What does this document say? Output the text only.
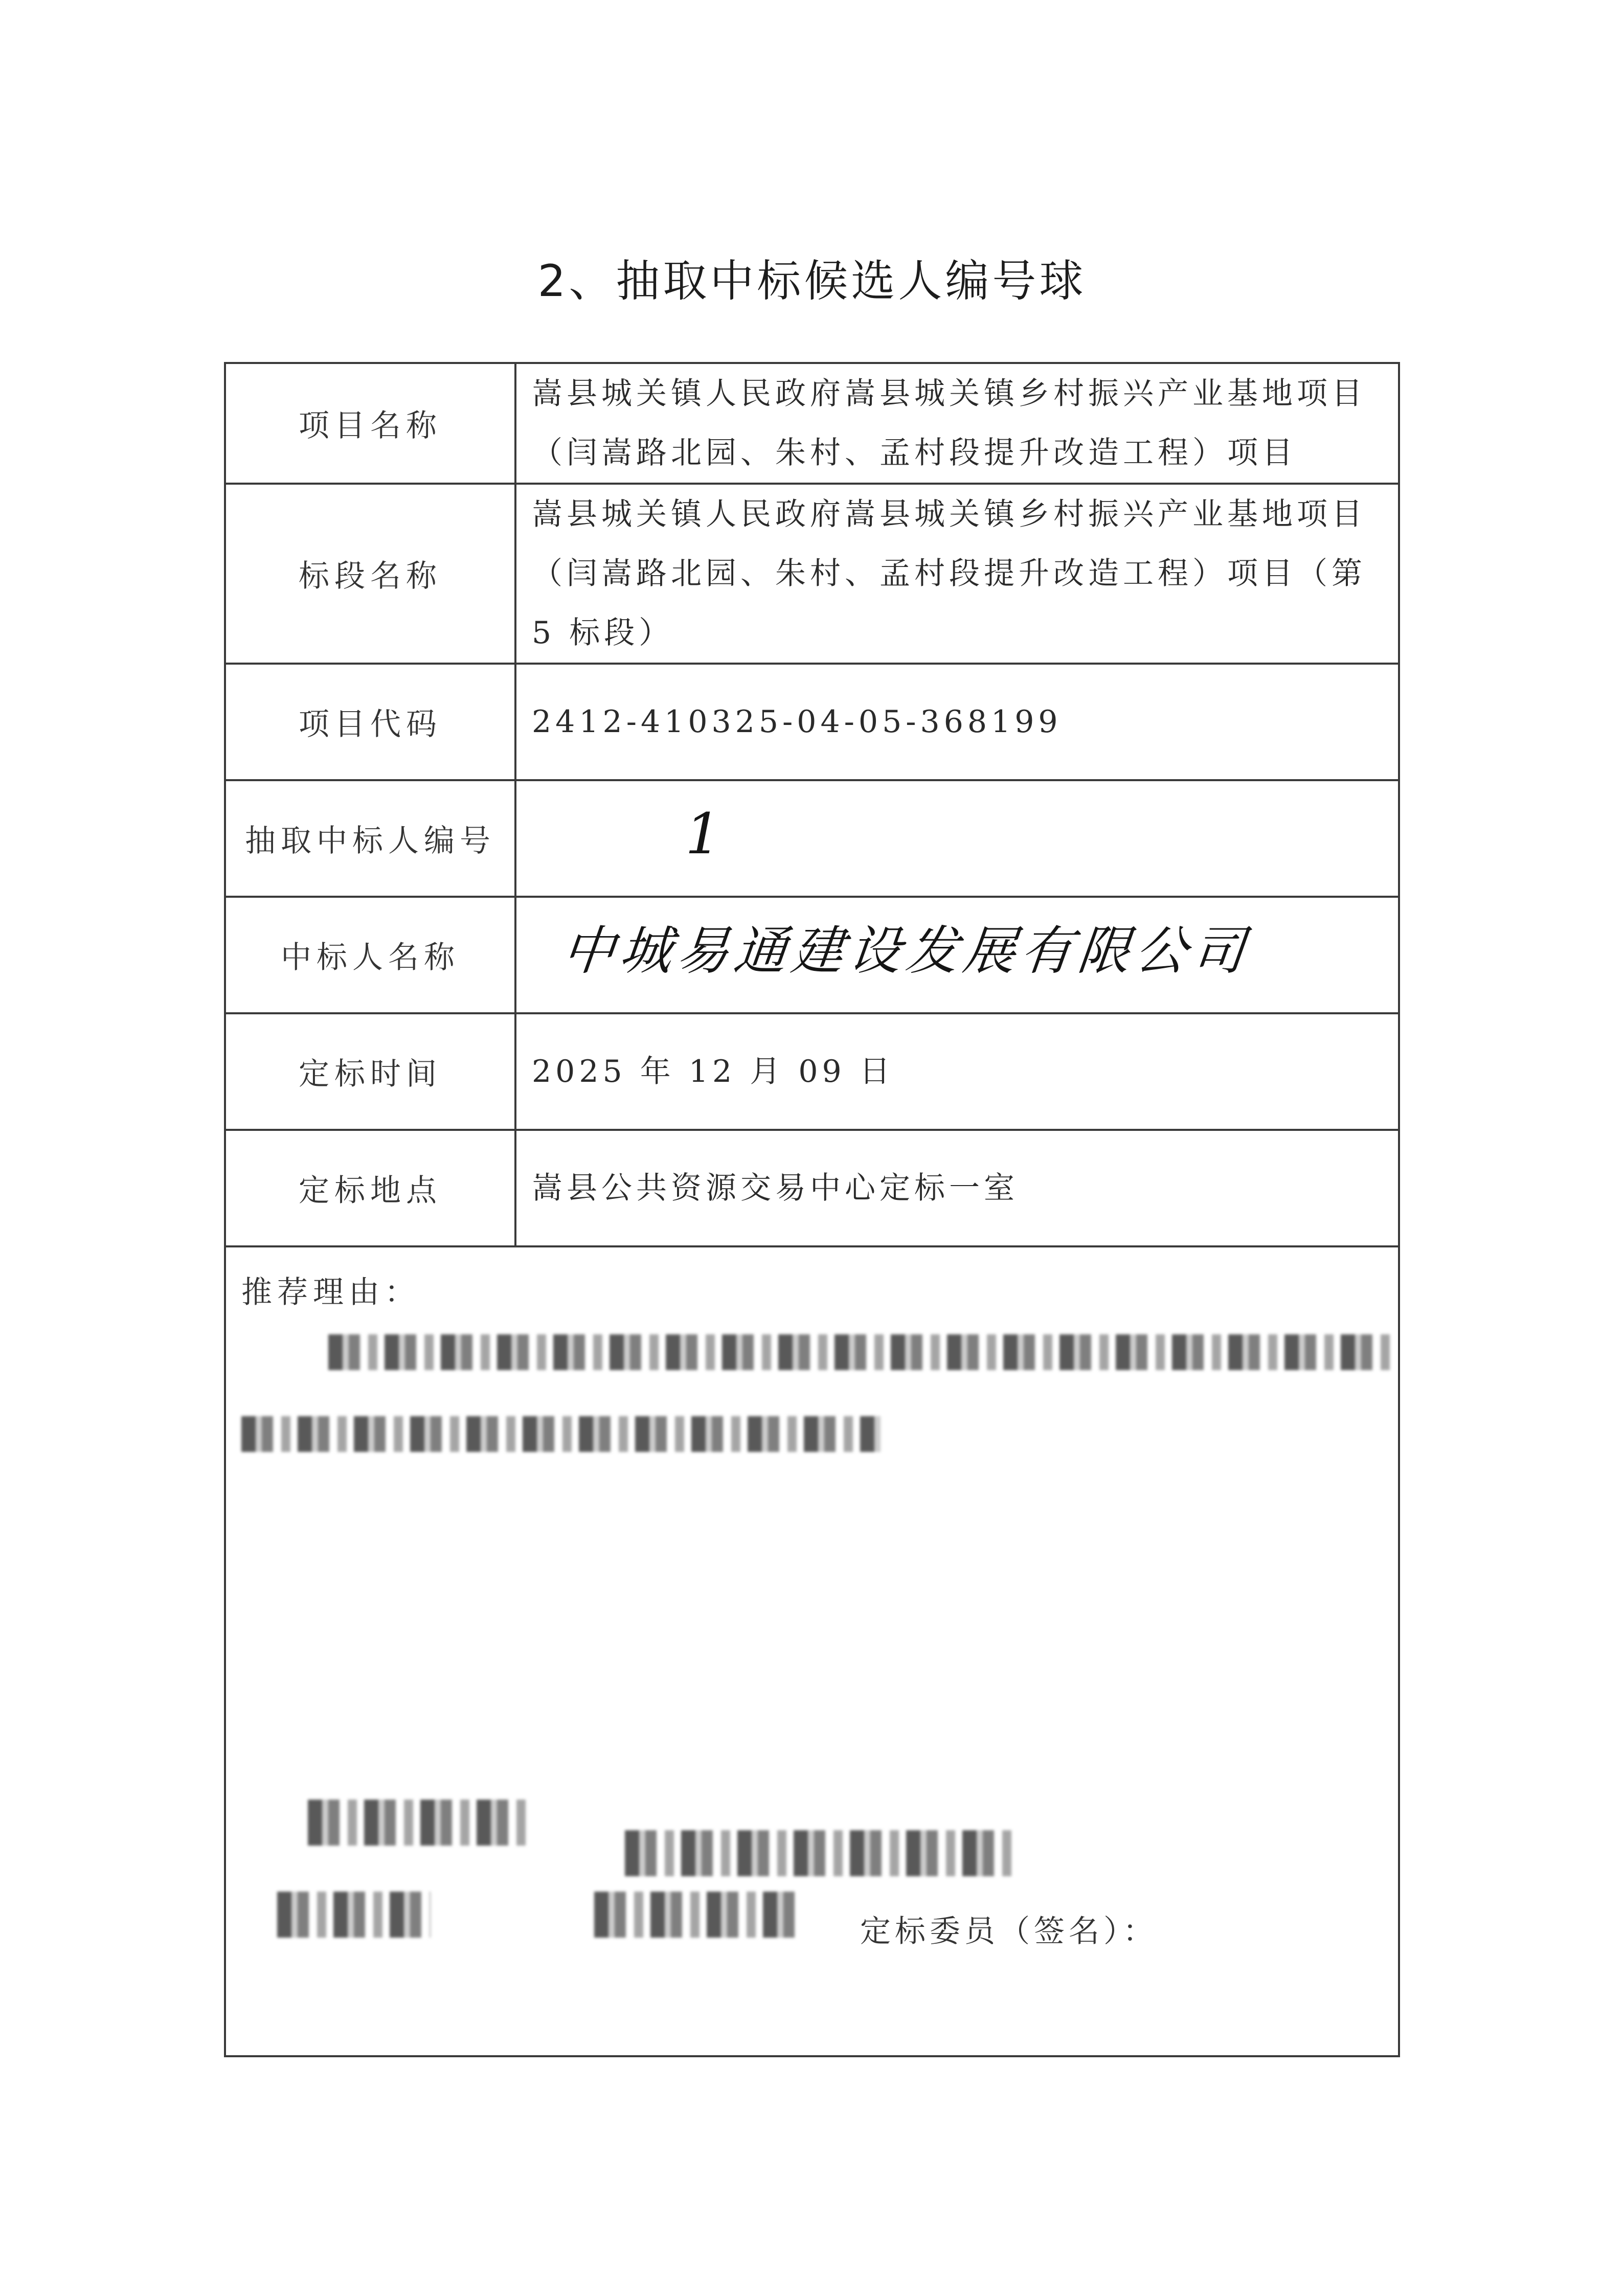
2、抽取中标候选人编号球
项目名称	嵩县城关镇人民政府嵩县城关镇乡村振兴产业基地项目（闫嵩路北园、朱村、孟村段提升改造工程）项目
标段名称	嵩县城关镇人民政府嵩县城关镇乡村振兴产业基地项目（闫嵩路北园、朱村、孟村段提升改造工程）项目（第 5 标段）
项目代码	2412-410325-04-05-368199
抽取中标人编号	1
中标人名称	中城易通建设发展有限公司
定标时间	2025 年 12 月 09 日
定标地点	嵩县公共资源交易中心定标一室

推荐理由：
定标委员（签名）：	
